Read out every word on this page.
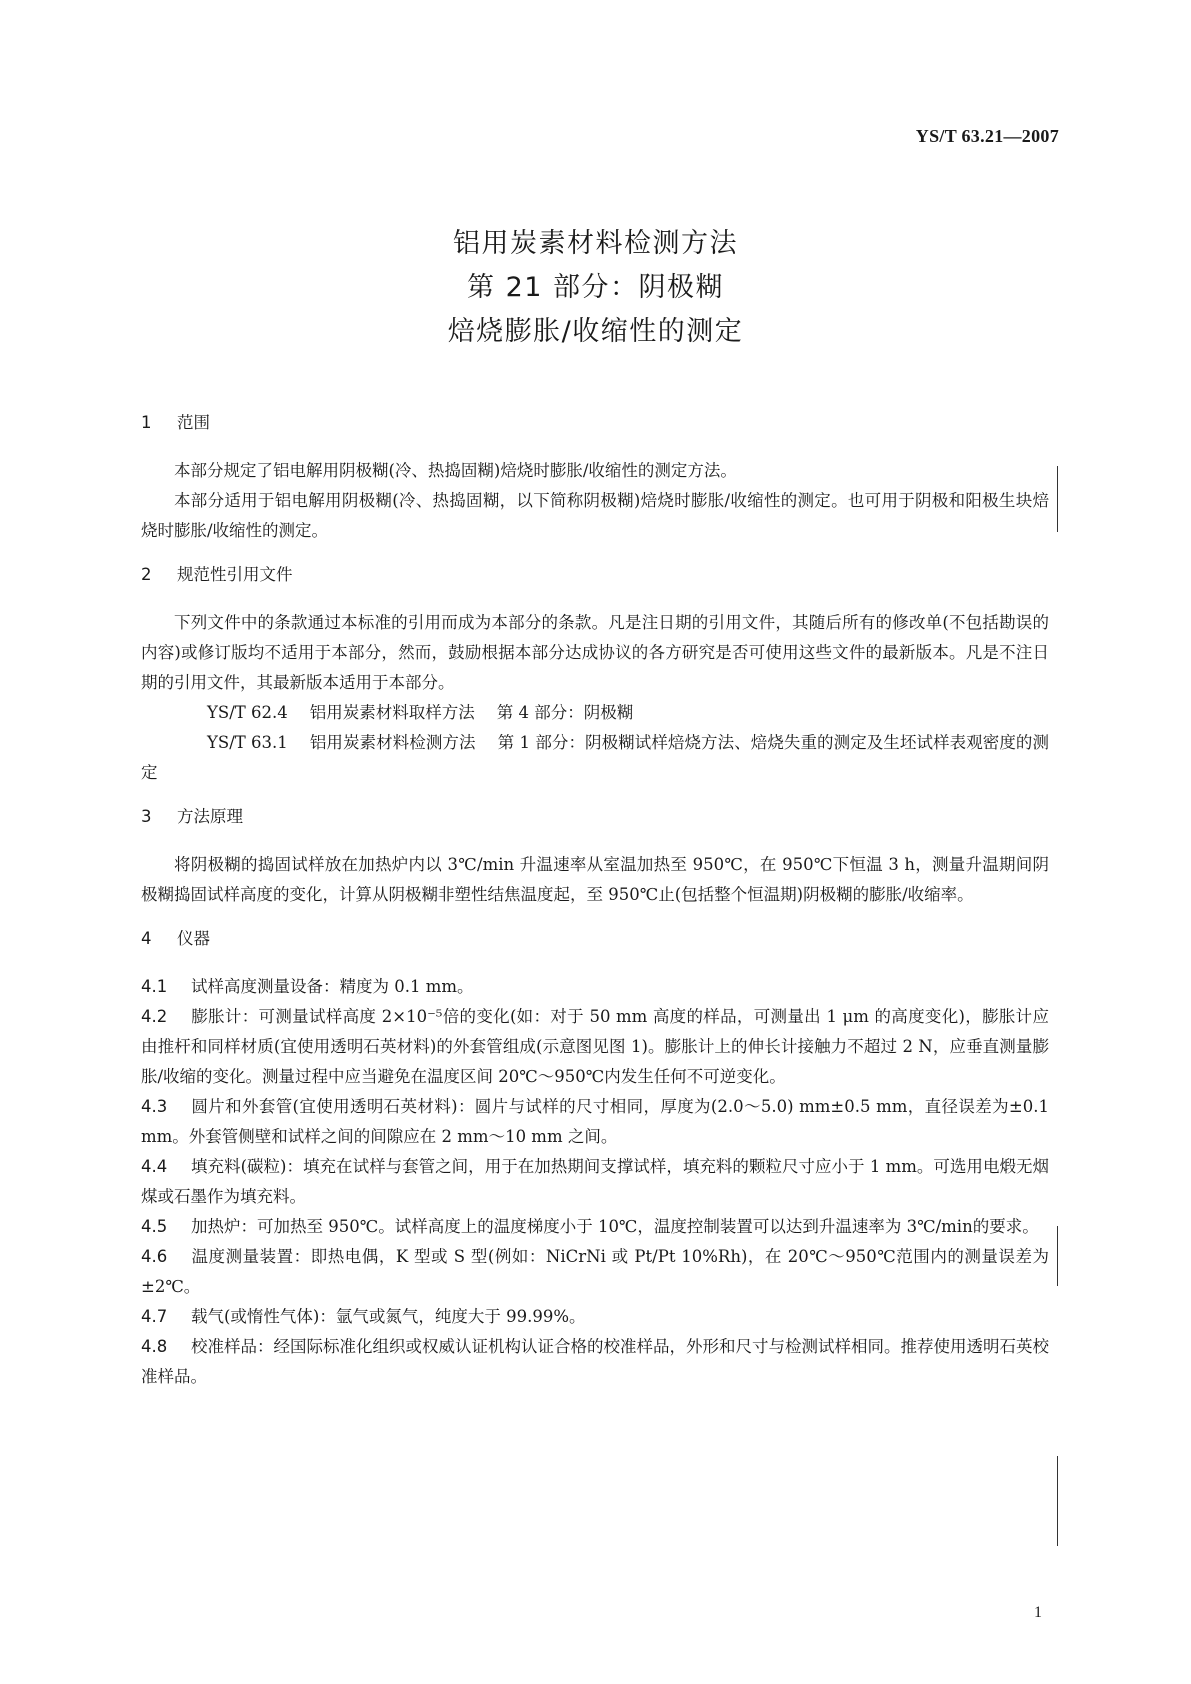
YS/T 63.21—2007
铝用炭素材料检测方法
第 21 部分：阴极糊
焙烧膨胀/收缩性的测定
1 范围

本部分规定了铝电解用阴极糊(冷、热捣固糊)焙烧时膨胀/收缩性的测定方法。

本部分适用于铝电解用阴极糊(冷、热捣固糊，以下简称阴极糊)焙烧时膨胀/收缩性的测定。也可用于阴极和阳极生块焙烧时膨胀/收缩性的测定。

2 规范性引用文件

下列文件中的条款通过本标准的引用而成为本部分的条款。凡是注日期的引用文件，其随后所有的修改单(不包括勘误的内容)或修订版均不适用于本部分，然而，鼓励根据本部分达成协议的各方研究是否可使用这些文件的最新版本。凡是不注日期的引用文件，其最新版本适用于本部分。

YS/T 62.4 铝用炭素材料取样方法 第 4 部分：阴极糊

YS/T 63.1 铝用炭素材料检测方法 第 1 部分：阴极糊试样焙烧方法、焙烧失重的测定及生坯试样表观密度的测定

3 方法原理

将阴极糊的捣固试样放在加热炉内以 3℃/min 升温速率从室温加热至 950℃，在 950℃下恒温 3 h，测量升温期间阴极糊捣固试样高度的变化，计算从阴极糊非塑性结焦温度起，至 950℃止(包括整个恒温期)阴极糊的膨胀/收缩率。

4 仪器

4.1 试样高度测量设备：精度为 0.1 mm。

4.2 膨胀计：可测量试样高度 2×10⁻⁵倍的变化(如：对于 50 mm 高度的样品，可测量出 1 μm 的高度变化)，膨胀计应由推杆和同样材质(宜使用透明石英材料)的外套管组成(示意图见图 1)。膨胀计上的伸长计接触力不超过 2 N，应垂直测量膨胀/收缩的变化。测量过程中应当避免在温度区间 20℃～950℃内发生任何不可逆变化。

4.3 圆片和外套管(宜使用透明石英材料)：圆片与试样的尺寸相同，厚度为(2.0～5.0) mm±0.5 mm，直径误差为±0.1 mm。外套管侧壁和试样之间的间隙应在 2 mm～10 mm 之间。

4.4 填充料(碳粒)：填充在试样与套管之间，用于在加热期间支撑试样，填充料的颗粒尺寸应小于 1 mm。可选用电煅无烟煤或石墨作为填充料。

4.5 加热炉：可加热至 950℃。试样高度上的温度梯度小于 10℃，温度控制装置可以达到升温速率为 3℃/min的要求。

4.6 温度测量装置：即热电偶，K 型或 S 型(例如：NiCrNi 或 Pt/Pt 10%Rh)，在 20℃～950℃范围内的测量误差为±2℃。

4.7 载气(或惰性气体)：氩气或氮气，纯度大于 99.99%。

4.8 校准样品：经国际标准化组织或权威认证机构认证合格的校准样品，外形和尺寸与检测试样相同。推荐使用透明石英校准样品。

1
